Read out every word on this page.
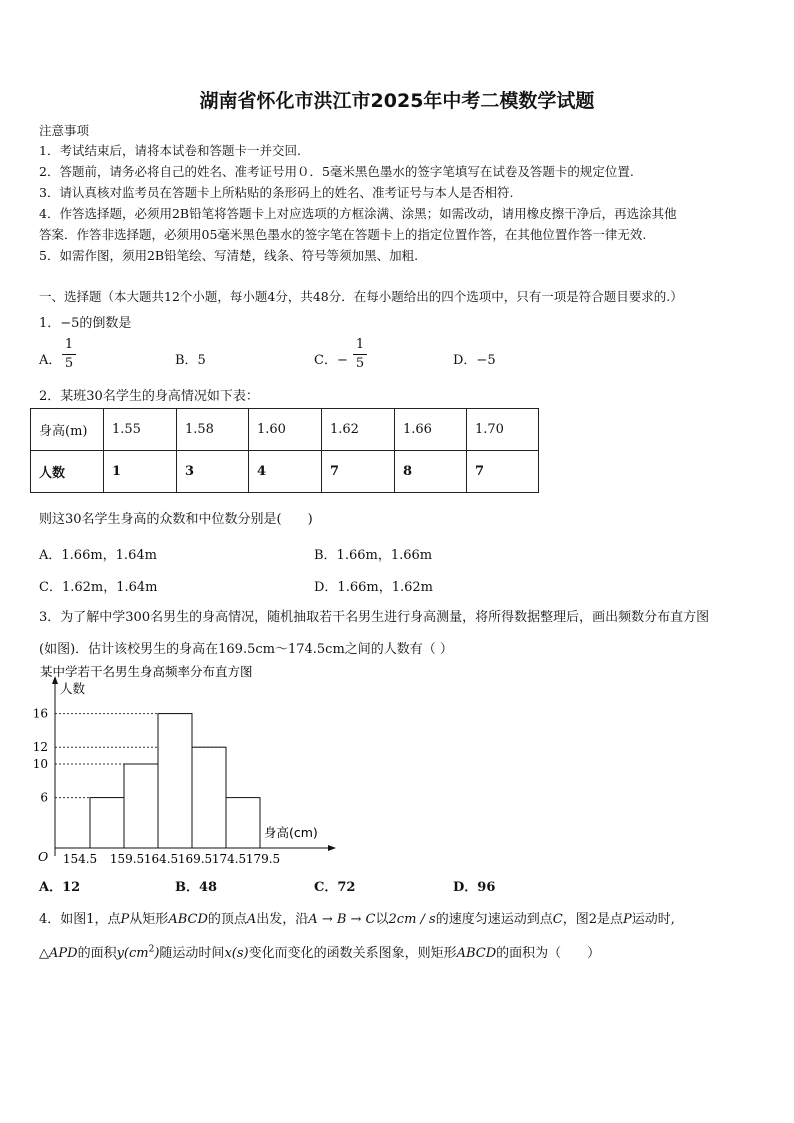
湖南省怀化市洪江市2025年中考二模数学试题
注意事项
1．考试结束后，请将本试卷和答题卡一并交回.
2．答题前，请务必将自己的姓名、准考证号用０．5毫米黑色墨水的签字笔填写在试卷及答题卡的规定位置.
3．请认真核对监考员在答题卡上所粘贴的条形码上的姓名、准考证号与本人是否相符.
4．作答选择题，必须用2B铅笔将答题卡上对应选项的方框涂满、涂黑；如需改动，请用橡皮擦干净后，再选涂其他
答案．作答非选择题，必须用05毫米黑色墨水的签字笔在答题卡上的指定位置作答，在其他位置作答一律无效.
5．如需作图，须用2B铅笔绘、写清楚，线条、符号等须加黑、加粗.
一、选择题（本大题共12个小题，每小题4分，共48分．在每小题给出的四个选项中，只有一项是符合题目要求的.）
1．−5的倒数是
A．
1
5	B．5	C．−
1
5	D．−5
2．某班30名学生的身高情况如下表：
身高(m)	1.55	1.58	1.60	1.62	1.66	1.70
人数	1	3	4	7	8	7
则这30名学生身高的众数和中位数分别是(　　)
A．1.66m，1.64m	B．1.66m，1.66m
C．1.62m，1.64m	D．1.66m，1.62m
3．为了解中学300名男生的身高情况，随机抽取若干名男生进行身高测量，将所得数据整理后，画出频数分布直方图
(如图)．估计该校男生的身高在169.5cm～174.5cm之间的人数有（ ）
某中学若干名男生身高频率分布直方图
人数
身高(cm)
O
6
10
12
16
154.5 159.5 164.5 169.5 174.5 179.5
A．12	B．48	C．72	D．96
4．如图1，点P从矩形ABCD的顶点A出发，沿A → B → C以2cm / s的速度匀速运动到点C，图2是点P运动时,
△APD的面积$y(cm^2)$随运动时间x(s)变化而变化的函数关系图象，则矩形ABCD的面积为（　　）
